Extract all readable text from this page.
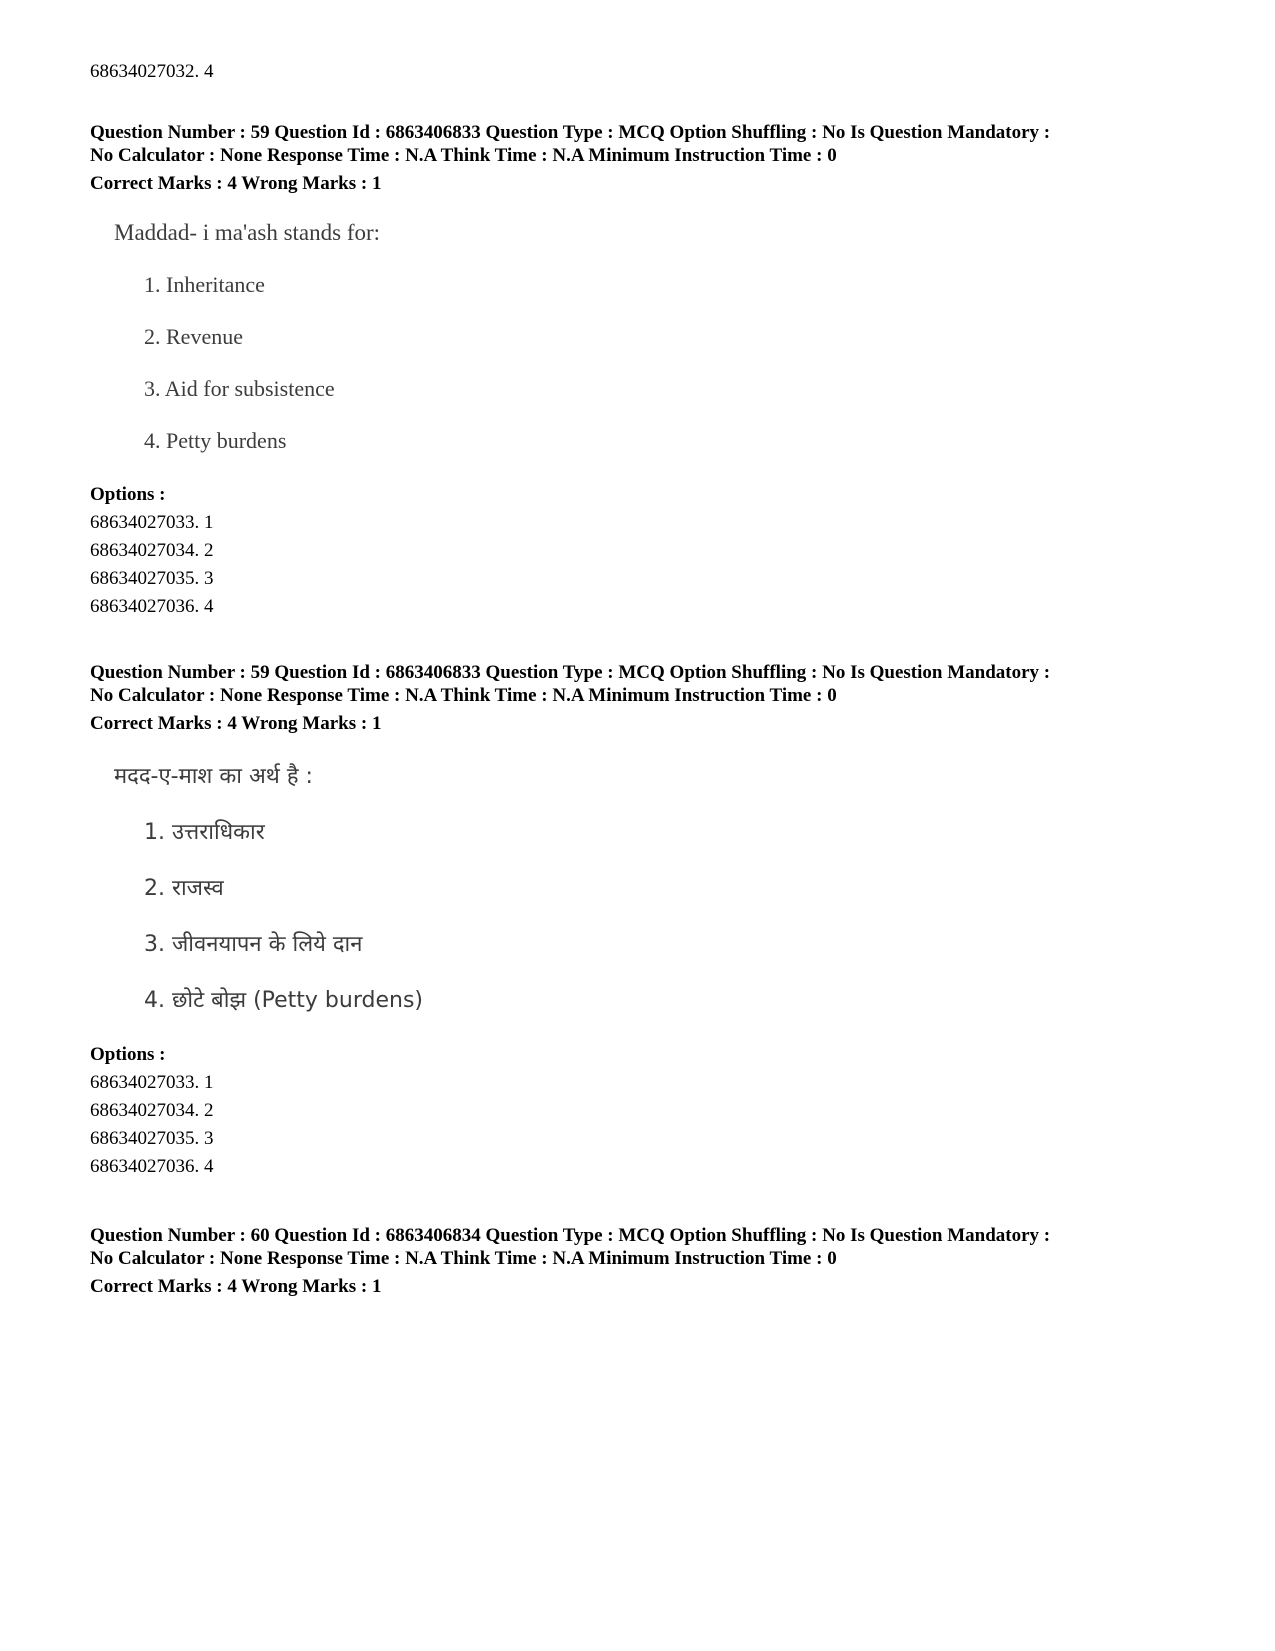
68634027032. 4

Question Number : 59 Question Id : 6863406833 Question Type : MCQ Option Shuffling : No Is Question Mandatory :

No Calculator : None Response Time : N.A Think Time : N.A Minimum Instruction Time : 0

Correct Marks : 4 Wrong Marks : 1

Maddad- i ma'ash stands for:

1. Inheritance

2. Revenue

3. Aid for subsistence

4. Petty burdens

Options :

68634027033. 1

68634027034. 2

68634027035. 3

68634027036. 4

Question Number : 59 Question Id : 6863406833 Question Type : MCQ Option Shuffling : No Is Question Mandatory :

No Calculator : None Response Time : N.A Think Time : N.A Minimum Instruction Time : 0

Correct Marks : 4 Wrong Marks : 1

मदद-ए-माश का अर्थ है :

1. उत्तराधिकार

2. राजस्व

3. जीवनयापन के लिये दान

4. छोटे बोझ (Petty burdens)

Options :

68634027033. 1

68634027034. 2

68634027035. 3

68634027036. 4

Question Number : 60 Question Id : 6863406834 Question Type : MCQ Option Shuffling : No Is Question Mandatory :

No Calculator : None Response Time : N.A Think Time : N.A Minimum Instruction Time : 0

Correct Marks : 4 Wrong Marks : 1
